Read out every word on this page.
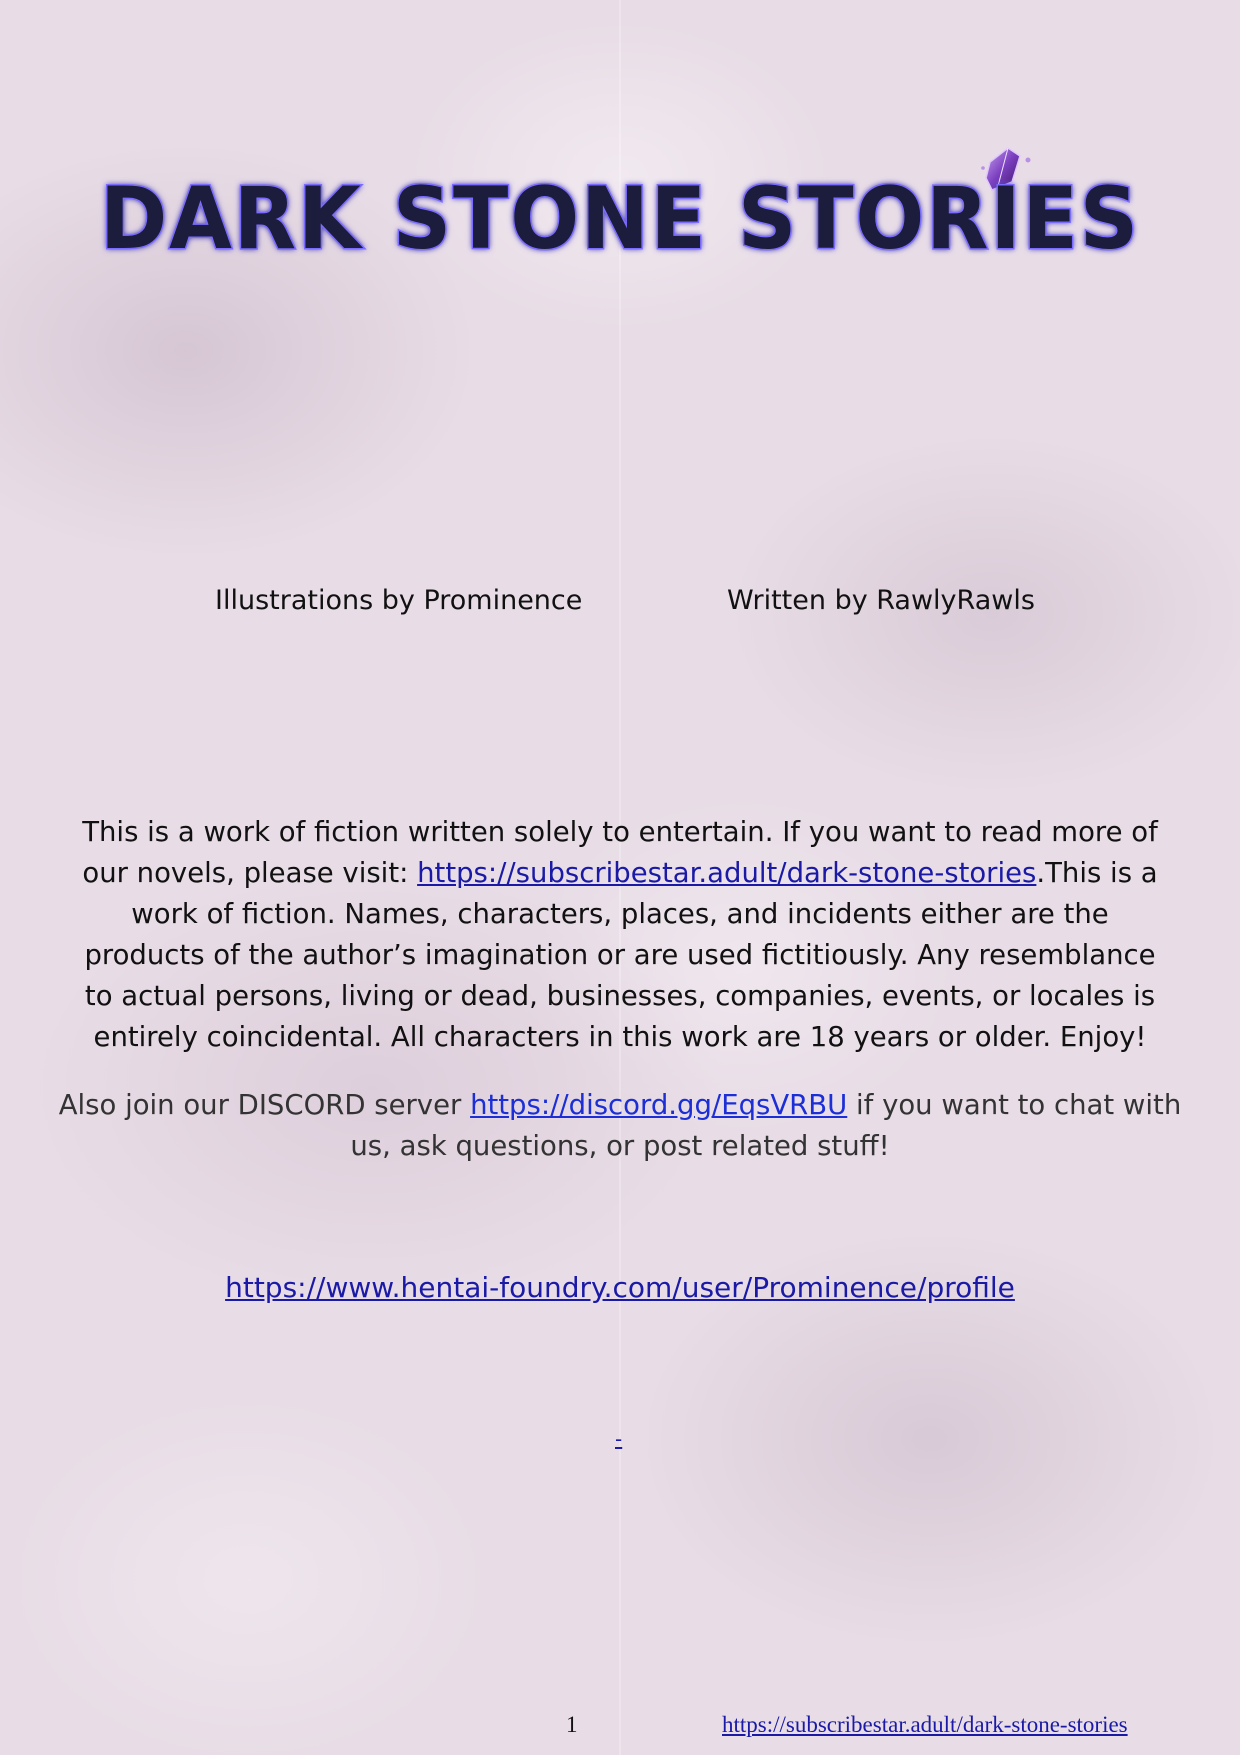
DARK STONE STORIES
Illustrations by Prominence	Written by RawlyRawls

This is a work of fiction written solely to entertain. If you want to read more of our novels, please visit: https://subscribestar.adult/dark-stone-stories.This is a work of fiction. Names, characters, places, and incidents either are the products of the author’s imagination or are used fictitiously. Any resemblance to actual persons, living or dead, businesses, companies, events, or locales is entirely coincidental. All characters in this work are 18 years or older. Enjoy!

Also join our DISCORD server https://discord.gg/EqsVRBU if you want to chat with us, ask questions, or post related stuff!

https://www.hentai-foundry.com/user/Prominence/profile
-
1	https://subscribestar.adult/dark-stone-stories
